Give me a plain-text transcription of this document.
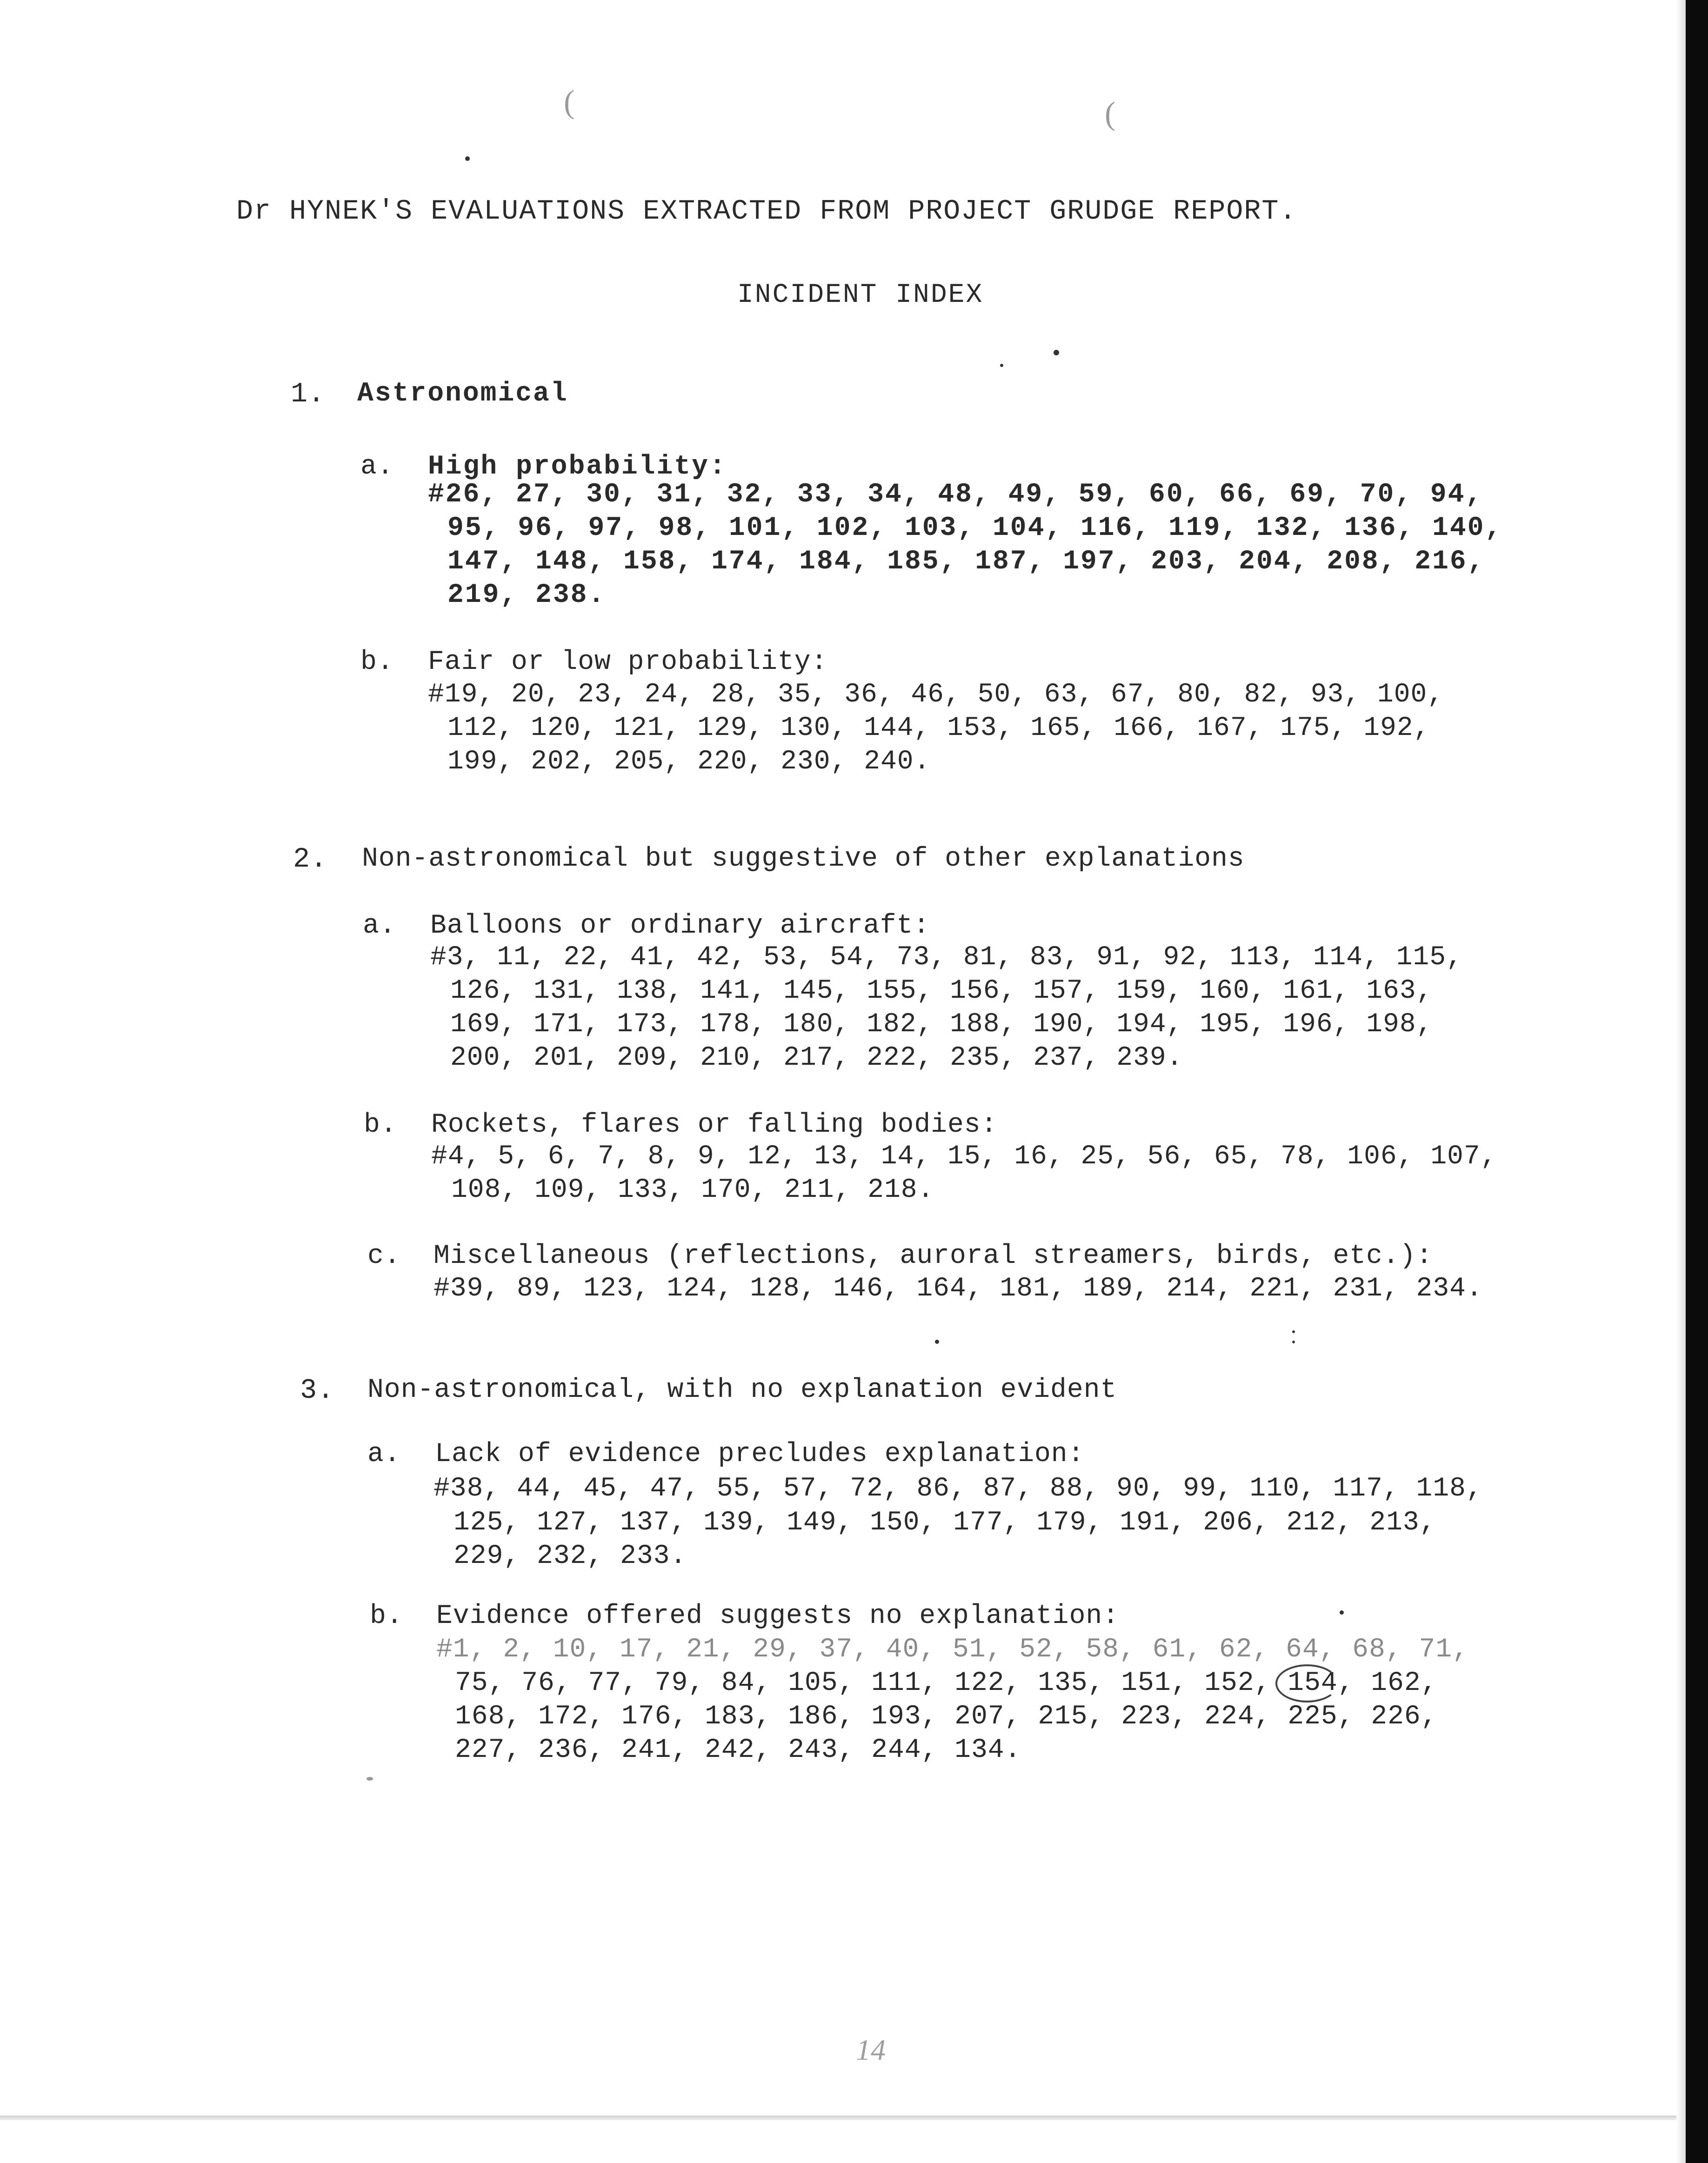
(	(
Dr HYNEK'S EVALUATIONS EXTRACTED FROM PROJECT GRUDGE REPORT.
INCIDENT INDEX
1. Astronomical
a. High probability:
#26, 27, 30, 31, 32, 33, 34, 48, 49, 59, 60, 66, 69, 70, 94,
95, 96, 97, 98, 101, 102, 103, 104, 116, 119, 132, 136, 140,
147, 148, 158, 174, 184, 185, 187, 197, 203, 204, 208, 216,
219, 238.
b. Fair or low probability:
#19, 20, 23, 24, 28, 35, 36, 46, 50, 63, 67, 80, 82, 93, 100,
112, 120, 121, 129, 130, 144, 153, 165, 166, 167, 175, 192,
199, 202, 205, 220, 230, 240.
2. Non-astronomical but suggestive of other explanations
a. Balloons or ordinary aircraft:
#3, 11, 22, 41, 42, 53, 54, 73, 81, 83, 91, 92, 113, 114, 115,
126, 131, 138, 141, 145, 155, 156, 157, 159, 160, 161, 163,
169, 171, 173, 178, 180, 182, 188, 190, 194, 195, 196, 198,
200, 201, 209, 210, 217, 222, 235, 237, 239.
b. Rockets, flares or falling bodies:
#4, 5, 6, 7, 8, 9, 12, 13, 14, 15, 16, 25, 56, 65, 78, 106, 107,
108, 109, 133, 170, 211, 218.
c. Miscellaneous (reflections, auroral streamers, birds, etc.):
#39, 89, 123, 124, 128, 146, 164, 181, 189, 214, 221, 231, 234.
3. Non-astronomical, with no explanation evident
a. Lack of evidence precludes explanation:
#38, 44, 45, 47, 55, 57, 72, 86, 87, 88, 90, 99, 110, 117, 118,
125, 127, 137, 139, 149, 150, 177, 179, 191, 206, 212, 213,
229, 232, 233.
b. Evidence offered suggests no explanation:
#1, 2, 10, 17, 21, 29, 37, 40, 51, 52, 58, 61, 62, 64, 68, 71,
75, 76, 77, 79, 84, 105, 111, 122, 135, 151, 152, 154, 162,
168, 172, 176, 183, 186, 193, 207, 215, 223, 224, 225, 226,
227, 236, 241, 242, 243, 244, 134.
14
